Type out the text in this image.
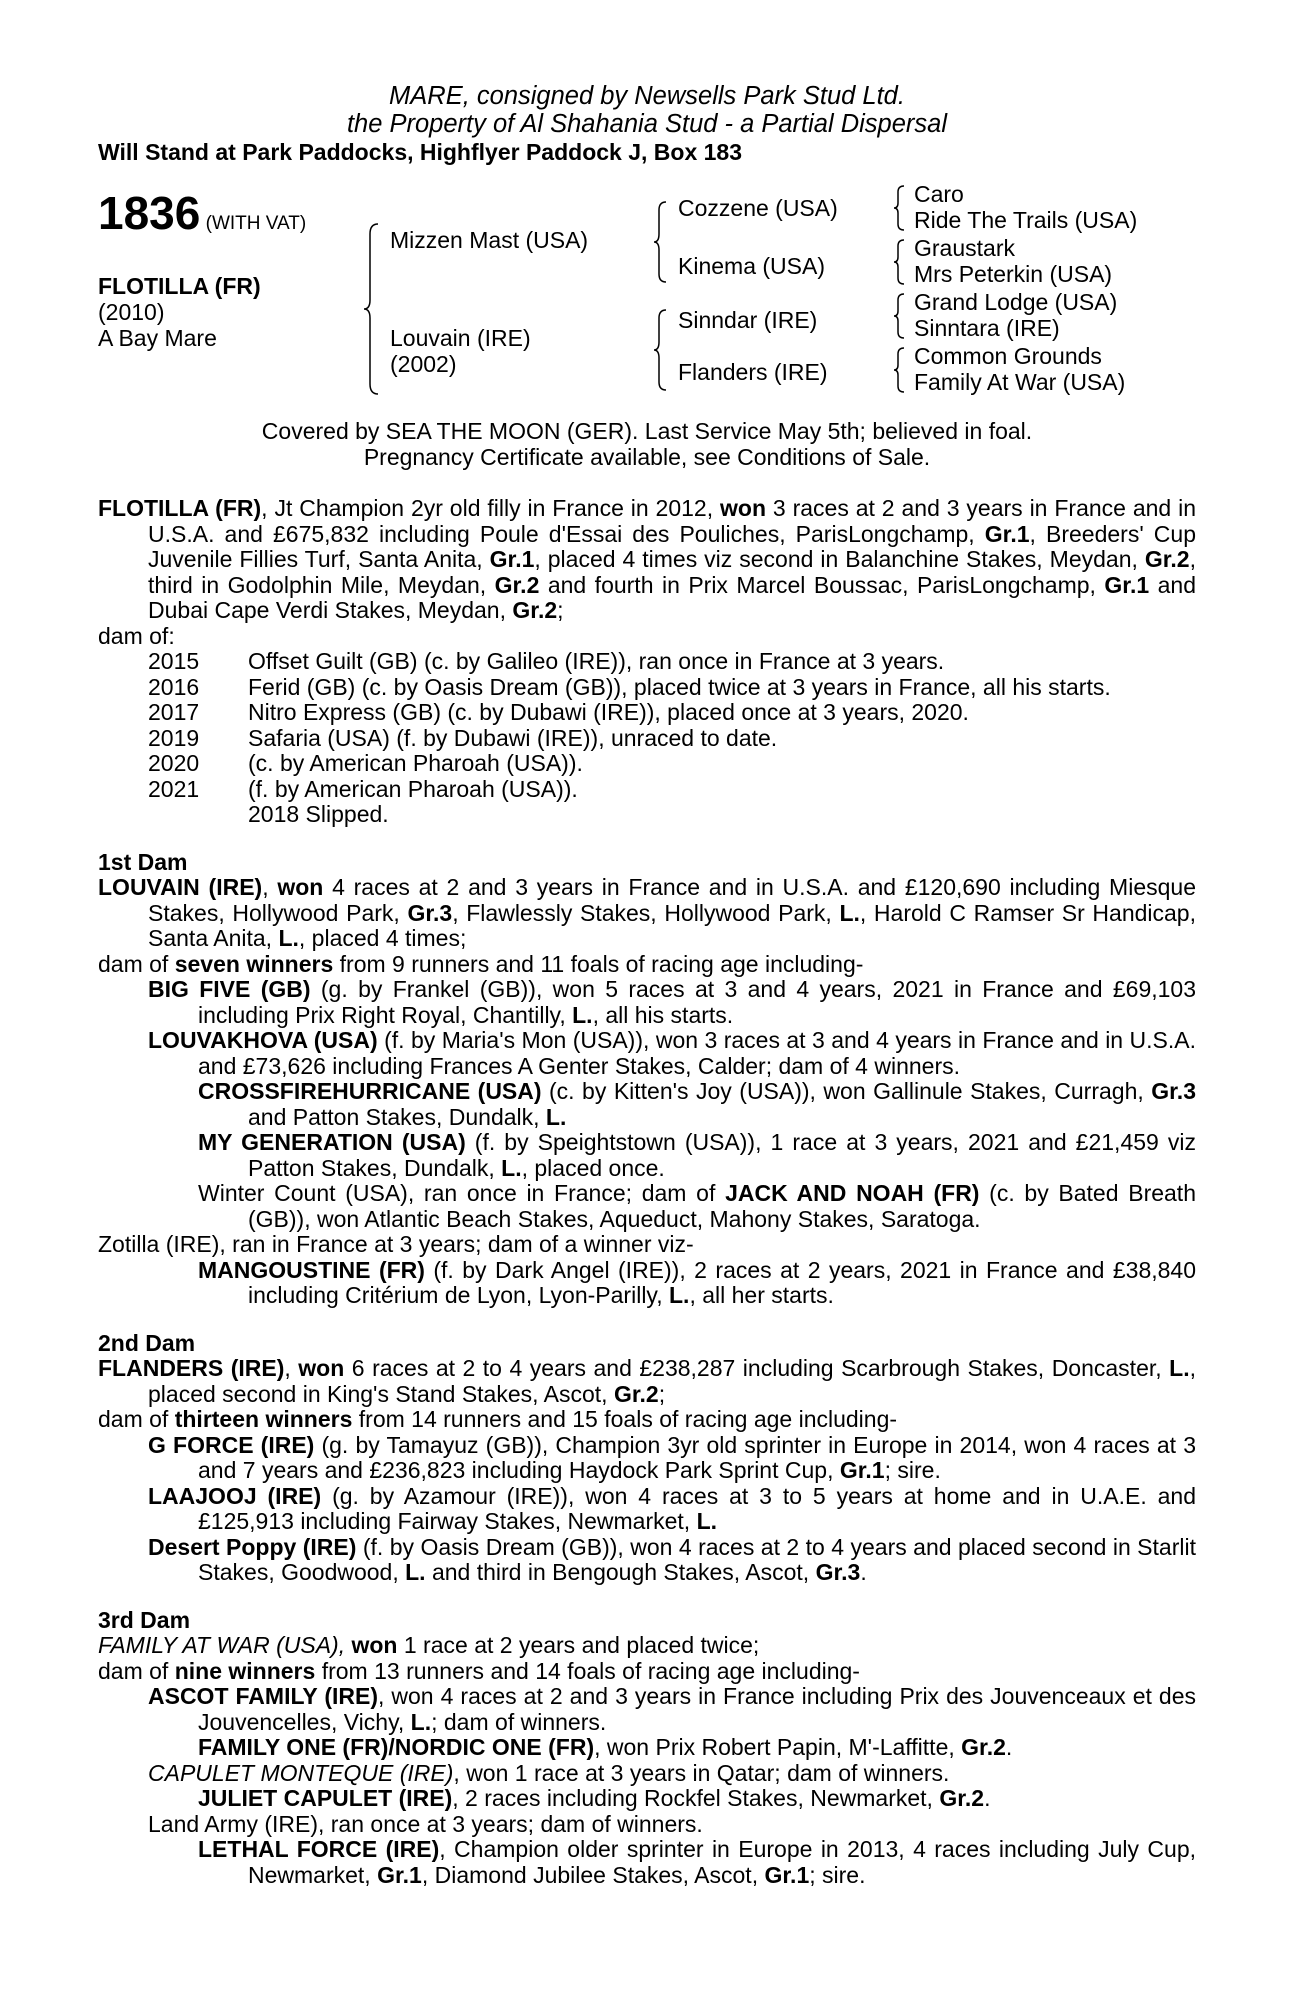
MARE, consigned by Newsells Park Stud Ltd.
the Property of Al Shahania Stud - a Partial Dispersal
Will Stand at Park Paddocks, Highflyer Paddock J, Box 183
1836 (WITH VAT)
FLOTILLA (FR)
(2010)
A Bay Mare
Mizzen Mast (USA)
Louvain (IRE)
(2002)
Cozzene (USA)
Kinema (USA)
Sinndar (IRE)
Flanders (IRE)
Caro
Ride The Trails (USA)
Graustark
Mrs Peterkin (USA)
Grand Lodge (USA)
Sinntara (IRE)
Common Grounds
Family At War (USA)
Covered by SEA THE MOON (GER). Last Service May 5th; believed in foal.
Pregnancy Certificate available, see Conditions of Sale.

FLOTILLA (FR), Jt Champion 2yr old filly in France in 2012, won 3 races at 2 and 3 years in France and in U.S.A. and £675,832 including Poule d'Essai des Pouliches, ParisLongchamp, Gr.1, Breeders' Cup Juvenile Fillies Turf, Santa Anita, Gr.1, placed 4 times viz second in Balanchine Stakes, Meydan, Gr.2, third in Godolphin Mile, Meydan, Gr.2 and fourth in Prix Marcel Boussac, ParisLongchamp, Gr.1 and Dubai Cape Verdi Stakes, Meydan, Gr.2;

dam of:
2015	Offset Guilt (GB) (c. by Galileo (IRE)), ran once in France at 3 years.
2016	Ferid (GB) (c. by Oasis Dream (GB)), placed twice at 3 years in France, all his starts.
2017	Nitro Express (GB) (c. by Dubawi (IRE)), placed once at 3 years, 2020.
2019	Safaria (USA) (f. by Dubawi (IRE)), unraced to date.
2020	(c. by American Pharoah (USA)).
2021	(f. by American Pharoah (USA)).
2018 Slipped.
1st Dam

LOUVAIN (IRE), won 4 races at 2 and 3 years in France and in U.S.A. and £120,690 including Miesque Stakes, Hollywood Park, Gr.3, Flawlessly Stakes, Hollywood Park, L., Harold C Ramser Sr Handicap, Santa Anita, L., placed 4 times;

dam of seven winners from 9 runners and 11 foals of racing age including-

BIG FIVE (GB) (g. by Frankel (GB)), won 5 races at 3 and 4 years, 2021 in France and £69,103 including Prix Right Royal, Chantilly, L., all his starts.

LOUVAKHOVA (USA) (f. by Maria's Mon (USA)), won 3 races at 3 and 4 years in France and in U.S.A. and £73,626 including Frances A Genter Stakes, Calder; dam of 4 winners.

CROSSFIREHURRICANE (USA) (c. by Kitten's Joy (USA)), won Gallinule Stakes, Curragh, Gr.3 and Patton Stakes, Dundalk, L.

MY GENERATION (USA) (f. by Speightstown (USA)), 1 race at 3 years, 2021 and £21,459 viz Patton Stakes, Dundalk, L., placed once.

Winter Count (USA), ran once in France; dam of JACK AND NOAH (FR) (c. by Bated Breath (GB)), won Atlantic Beach Stakes, Aqueduct, Mahony Stakes, Saratoga.

Zotilla (IRE), ran in France at 3 years; dam of a winner viz-

MANGOUSTINE (FR) (f. by Dark Angel (IRE)), 2 races at 2 years, 2021 in France and £38,840 including Critérium de Lyon, Lyon-Parilly, L., all her starts.

2nd Dam

FLANDERS (IRE), won 6 races at 2 to 4 years and £238,287 including Scarbrough Stakes, Doncaster, L., placed second in King's Stand Stakes, Ascot, Gr.2;

dam of thirteen winners from 14 runners and 15 foals of racing age including-

G FORCE (IRE) (g. by Tamayuz (GB)), Champion 3yr old sprinter in Europe in 2014, won 4 races at 3 and 7 years and £236,823 including Haydock Park Sprint Cup, Gr.1; sire.

LAAJOOJ (IRE) (g. by Azamour (IRE)), won 4 races at 3 to 5 years at home and in U.A.E. and £125,913 including Fairway Stakes, Newmarket, L.

Desert Poppy (IRE) (f. by Oasis Dream (GB)), won 4 races at 2 to 4 years and placed second in Starlit Stakes, Goodwood, L. and third in Bengough Stakes, Ascot, Gr.3.

3rd Dam

FAMILY AT WAR (USA), won 1 race at 2 years and placed twice;

dam of nine winners from 13 runners and 14 foals of racing age including-

ASCOT FAMILY (IRE), won 4 races at 2 and 3 years in France including Prix des Jouvenceaux et des Jouvencelles, Vichy, L.; dam of winners.

FAMILY ONE (FR)/NORDIC ONE (FR), won Prix Robert Papin, M'-Laffitte, Gr.2.

CAPULET MONTEQUE (IRE), won 1 race at 3 years in Qatar; dam of winners.

JULIET CAPULET (IRE), 2 races including Rockfel Stakes, Newmarket, Gr.2.

Land Army (IRE), ran once at 3 years; dam of winners.

LETHAL FORCE (IRE), Champion older sprinter in Europe in 2013, 4 races including July Cup, Newmarket, Gr.1, Diamond Jubilee Stakes, Ascot, Gr.1; sire.
